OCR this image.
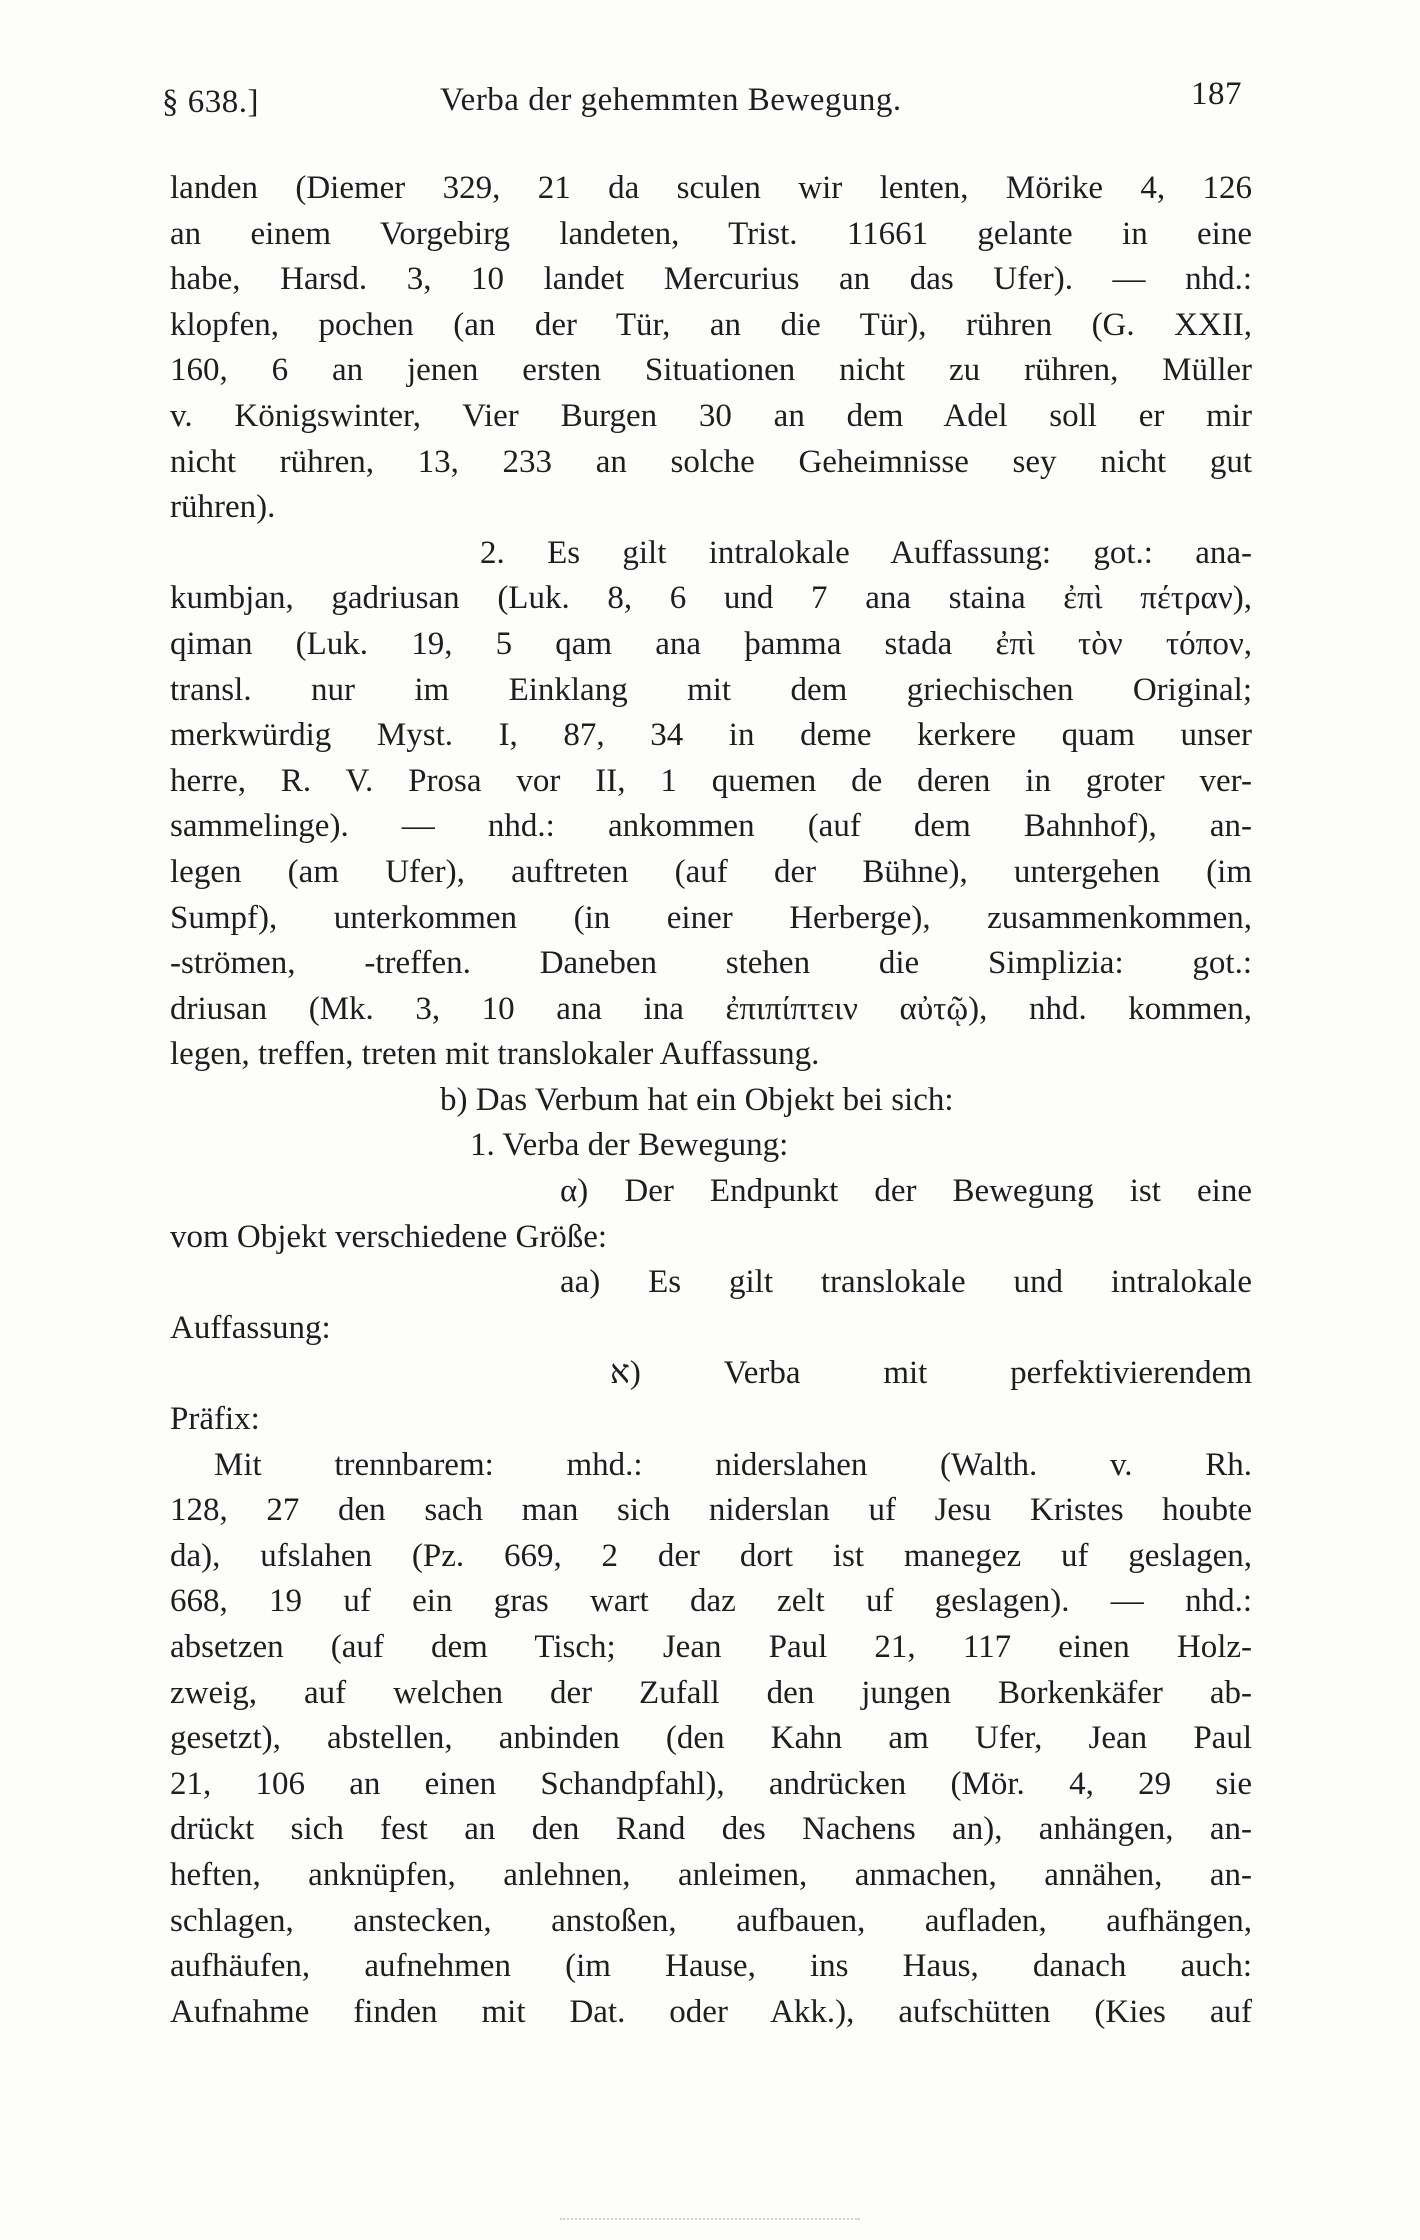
§ 638.]	Verba der gehemmten Bewegung.	187
landen (Diemer 329, 21 da sculen wir lenten, Mörike 4, 126
an einem Vorgebirg landeten, Trist. 11661 gelante in eine
habe, Harsd. 3, 10 landet Mercurius an das Ufer). — nhd.:
klopfen, pochen (an der Tür, an die Tür), rühren (G. XXII,
160, 6 an jenen ersten Situationen nicht zu rühren, Müller
v. Königswinter, Vier Burgen 30 an dem Adel soll er mir
nicht rühren, 13, 233 an solche Geheimnisse sey nicht gut
rühren).
2. Es gilt intralokale Auffassung: got.: ana-
kumbjan, gadriusan (Luk. 8, 6 und 7 ana staina ἐπὶ πέτραν),
qiman (Luk. 19, 5 qam ana þamma stada ἐπὶ τὸν τόπον,
transl. nur im Einklang mit dem griechischen Original;
merkwürdig Myst. I, 87, 34 in deme kerkere quam unser
herre, R. V. Prosa vor II, 1 quemen de deren in groter ver-
sammelinge). — nhd.: ankommen (auf dem Bahnhof), an-
legen (am Ufer), auftreten (auf der Bühne), untergehen (im
Sumpf), unterkommen (in einer Herberge), zusammenkommen,
-strömen, -treffen. Daneben stehen die Simplizia: got.:
driusan (Mk. 3, 10 ana ina ἐπιπίπτειν αὐτῷ), nhd. kommen,
legen, treffen, treten mit translokaler Auffassung.
b) Das Verbum hat ein Objekt bei sich:
1. Verba der Bewegung:
α) Der Endpunkt der Bewegung ist eine
vom Objekt verschiedene Größe:
aa) Es gilt translokale und intralokale
Auffassung:
א) Verba mit perfektivierendem
Präfix:
Mit trennbarem: mhd.: niderslahen (Walth. v. Rh.
128, 27 den sach man sich niderslan uf Jesu Kristes houbte
da), ufslahen (Pz. 669, 2 der dort ist manegez uf geslagen,
668, 19 uf ein gras wart daz zelt uf geslagen). — nhd.:
absetzen (auf dem Tisch; Jean Paul 21, 117 einen Holz-
zweig, auf welchen der Zufall den jungen Borkenkäfer ab-
gesetzt), abstellen, anbinden (den Kahn am Ufer, Jean Paul
21, 106 an einen Schandpfahl), andrücken (Mör. 4, 29 sie
drückt sich fest an den Rand des Nachens an), anhängen, an-
heften, anknüpfen, anlehnen, anleimen, anmachen, annähen, an-
schlagen, anstecken, anstoßen, aufbauen, aufladen, aufhängen,
aufhäufen, aufnehmen (im Hause, ins Haus, danach auch:
Aufnahme finden mit Dat. oder Akk.), aufschütten (Kies auf
